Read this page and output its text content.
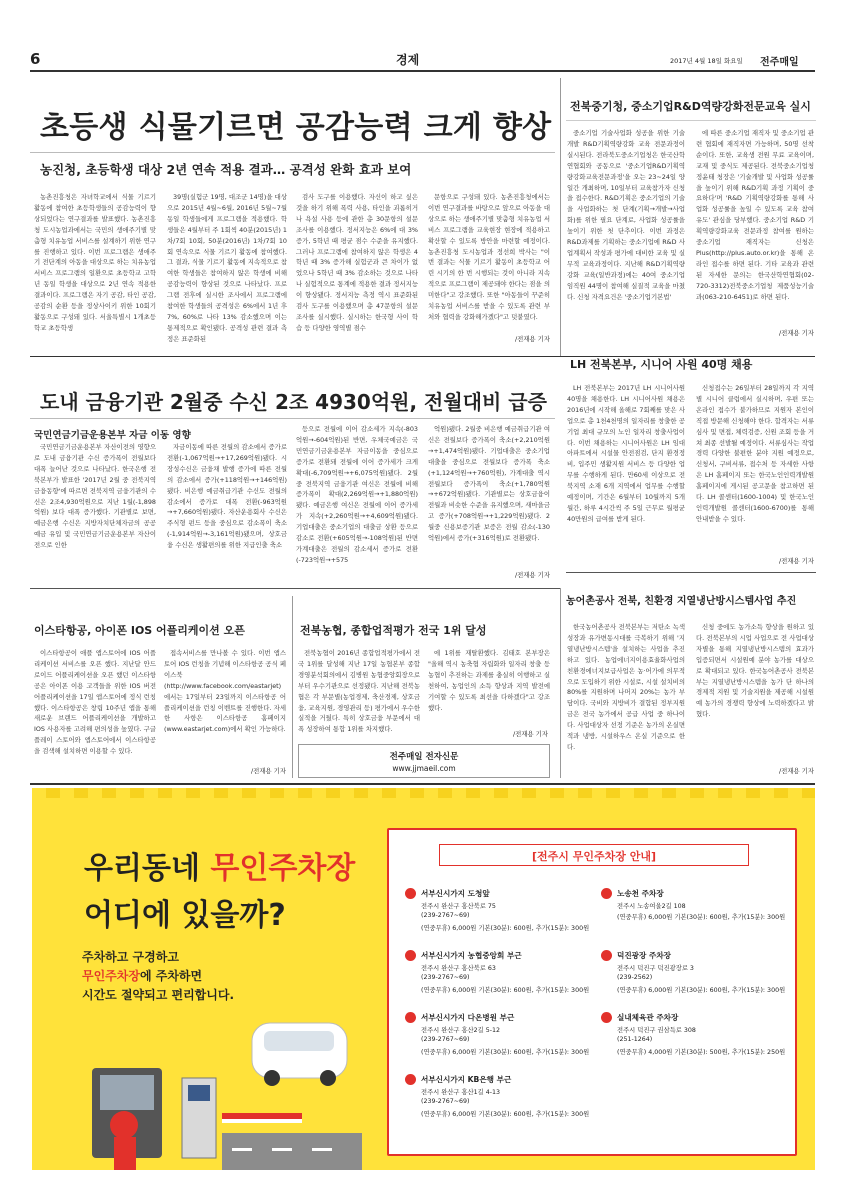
6	경제	2017년 4월 18일 화요일 전주매일
초등생 식물기르면 공감능력 크게 향상
농진청, 초등학생 대상 2년 연속 적용 결과… 공격성 완화 효과 보여

농촌진흥청은 자녀학교에서 식물 기르기 활동에 참여한 초등학생들의 공감능력이 향상되었다는 연구결과를 발표했다. 농촌진흥청 도시농업과에서는 국민의 생애주기별 맞춤형 치유농업 서비스를 설계하기 위한 연구를 진행하고 있다. 이번 프로그램은 생애주기 전단계의 아동을 대상으로 하는 치유농업 서비스 프로그램의 일환으로 초등학교 고학년 동일 학생을 대상으로 2년 연속 적용한 결과이다. 프로그램은 자기 공감, 타인 공감, 공감의 순환 등을 정상사이키 위한 10회기 활동으로 구성돼 있다. 서울특별시 1개초등학교 초등학생

39명(실험군 19명, 대조군 14명)을 대상으로 2015년 4월~6월, 2016년 5월~7월 동일 학생들에게 프로그램을 적용했다. 학생들은 4월부터 주 1회씩 40분(2015년) 1차/7회 10회, 50분(2016년) 1차/7회 10회 연속으로 식물 기르기 활동에 참여했다. 그 결과, 식물 기르기 활동에 지속적으로 참여한 학생들은 참여하지 않은 학생에 비해 공감능력이 향상된 것으로 나타났다. 프로그램 전후에 실시한 조사에서 프로그램에 참여한 학생들의 공격성은 6%에서 1년 후 7%, 60%로 나타 13% 감소했으며 이는 통제적으로 확인됐다. 공격성 관련 결과 측정은 표준화된

검사 도구를 이용했다. 자신이 하고 싶은 것을 하기 위해 폭력 사용, 타인을 괴롭히거나 욕설 사용 등에 관한 총 30문항의 설문 조사를 이용했다. 정서지능은 6%에 대 3% 증가, 5학년 때 평균 점수 수준을 유지했다. 그러나 프로그램에 참여하지 않은 학생은 4학년 때 3% 증가해 실험군과 큰 차이가 없었으나 5학년 때 3% 감소하는 것으로 나타나 실험적으로 통계에 적용한 결과 정서지능이 향상됐다. 정서지능 측정 역시 표준화된 검사 도구를 이용했으며 총 47문항의 설문 조사를 실시했다. 실시하는 한국형 사이 학습 등 다양한 영역별 점수

문항으로 구성돼 있다. 농촌진흥청에서는 이번 연구결과를 바탕으로 앞으로 아동을 대상으로 하는 생애주기별 맞춤형 치유농업 서비스 프로그램을 교육현장 현장에 적용하고 확산할 수 있도록 방안을 마련할 예정이다. 농촌진흥청 도시농업과 정선희 박사는 "이번 결과는 식물 기르기 활동이 초등학교 어린 시기의 한 번 시행되는 것이 아니라 지속적으로 프로그램이 제공돼야 한다는 점을 의미한다"고 강조했다. 또한 "아동들이 꾸준히 치유농업 서비스를 받을 수 있도록 관련 부처와 협력을 강화해가겠다"고 덧붙였다.

/전재용 기자
전북중기청, 중소기업R&D역량강화전문교육 실시

중소기업 기술사업화 성공을 위한 기술개발 R&D기획역량강화 교육 전문과정이 실시된다. 전라북도중소기업청은 한국산학연협회와 공동으로 '중소기업R&D기획역량강화교육전문과정'을 오는 23~24일 양일간 개최하며, 10일부터 교육참가자 신청을 접수한다. R&D기획은 중소기업의 기술을 사업화하는 첫 단계(기획→개발→사업화)를 위한 필요 단계로, 사업화 성공률을 높이기 위한 첫 단추이다. 이번 과정은 R&D과제를 기획하는 중소기업에 R&D 사업계획서 작성과 평가에 대비한 교육 및 실무적 교육과정이다. 지난해 R&D기획역량강화 교육(일반과정)에는 40여 중소기업 임직원 44명이 참여해 실질적 교육을 마쳤다. 신청 자격요건은 '중소기업기본법'

에 따른 중소기업 재직자 및 중소기업 관련 협회에 재직자면 가능하며, 50명 선착순이다. 또한, 교육생 전원 무료 교육이며, 교재 및 중식도 제공된다. 전북중소기업청 정윤태 청장은 '기술개발 및 사업화 성공률을 높이기 위해 R&D기획 과정 기획이 중요하다'며 'R&D 기획역량강화를 통해 사업화 성공률을 높일 수 있도록 교육 참여 유도' 관심을 당부했다. 중소기업 R&D 기획역량강화교육 전문과정 참여를 원하는 중소기업 재직자는 신청은 Plus(http://plus.auto.or.kr)을 통해 온라인 접수를 하면 된다. 기타 교육과 관련된 자세한 문의는 한국산학연협회(02-720-3312)전북중소기업청 제품성능기술과(063-210-6451)로 하면 된다.

/전재용 기자
LH 전북본부, 시니어 사원 40명 채용

LH 전북본부는 2017년 LH 시니어사원 40명을 채용한다. LH 시니어사원 채용은 2016년에 시작해 올해로 7회째를 맞은 사업으로 총 1천4천명의 일자리를 창출한 공기업 최대 규모의 노인 일자리 창출사업이다. 이번 채용하는 시니어사원은 LH 임대아파트에서 시설물 안전점검, 단지 환경정비, 입주민 생활지원 서비스 등 다양한 업무를 수행하게 된다. 만60세 이상으로 전북지역 소재 6개 지역에서 업무를 수행할 예정이며, 기간은 6월부터 10월까지 5개월간, 하루 4시간씩 주 5일 근무로 월평균 40만원의 급여를 받게 된다.

신청접수는 26일부터 28일까지 각 지역별 시니어 클럽에서 실시하며, 우편 또는 온라인 접수가 불가하므로 지원자 본인이 직접 방문해 신청해야 한다. 합격자는 서류심사 및 면접, 체력검증, 신원 조회 등을 거쳐 최종 선발될 예정이다. 서류심사는 작업경력 다양한 불편한 분야 지원 예정으로, 신청서, 구비서류, 접수처 등 자세한 사항은 LH 홈페이지 또는 한국노인인력개발원 홈페이지에 게시된 공고문을 참고하면 된다. LH 콜센터(1600-1004) 및 한국노인인력개발원 콜센터(1600-6700)를 통해 안내받을 수 있다.

/전재용 기자
도내 금융기관 2월중 수신 2조 4930억원, 전월대비 급증
국민연금기금운용본부 자금 이동 영향

국민연금기금운용본부 자산이전의 영향으로 도내 금융기관 수신 증가폭이 전월보다 대폭 늘어난 것으로 나타났다. 한국은행 전북본부가 발표한 '2017년 2월 중 전북지역 금융동향'에 따르면 전북지역 금융기관의 수신은 2조4,930억원으로 지난 1월(-1,898억원) 보다 대폭 증가했다. 기관별로 보면, 예금은행 수신은 지방자치단체자금의 공공예금 유입 및 국민연금기금운용본부 자산이전으로 인한

자금이동에 따른 전월의 감소에서 증가로 전환(-1,067억원→+17,269억원)됐다. 시장성수신은 금융채 발행 증가에 따른 전월의 감소에서 증가(+118억원→+146억원)됐다. 비은행 예금취급기관 수신도 전월의 감소에서 증가로 대폭 전환(-963억원→+7,660억원)됐다. 자산운용회사 수신은 주식형 펀드 등을 중심으로 감소폭이 축소(-1,914억원→-3,161억원)됐으며, 상호금융 수신은 생활편의를 위한 지급인출 축소

등으로 전월에 이어 감소세가 지속(-803억원→-604억원)된 반면, 우체국예금은 국민연금기금운용본부 자금이동을 중심으로 증가로 전환돼 전월에 이어 증가세가 크게 확대(-6,709억원→+6,075억원)됐다. 2월중 전북지역 금융기관 여신은 전월에 비해 증가폭이 확대(2,269억원→+1,880억원)됐다. 예금은행 여신은 전월에 이어 증가세가 지속(+2,260억원→+4,609억원)됐다. 기업대출은 중소기업의 대출금 상환 등으로 감소로 전환(+605억원→-108억원)된 반면 가계대출은 전월의 감소세서 증가로 전환(-723억원→+575

억원)됐다. 2월중 비은행 예금취급기관 여신은 전월보다 증가폭이 축소(+2,210억원→+1,474억원)됐다. 기업대출은 중소기업대출을 중심으로 전월보다 증가폭 축소(+1,124억원→+760억원), 가계대출 역시 전월보다 증가폭이 축소(+1,780억원→+672억원)됐다. 기관별로는 상호금융이 전월과 비슷한 수준을 유지했으며, 새마을금고 증가(+708억원→+1,229억원)됐다. 2월중 신용보증기관 보증은 전월 감소(-130억원)에서 증가(+316억원)로 전환됐다.

/전재용 기자
농어촌공사 전북, 친환경 지열냉난방시스템사업 추진

한국농어촌공사 전북본부는 저탄소 녹색성장과 유가변동시대를 극복하기 위해 '지열냉난방시스템'을 설치하는 사업을 추진하고 있다. 농업에너지이용효율화사업의 친환경에너지보급사업은 농·어가에 의무적으로 도입하기 위한 시설로, 시설 설치비의 80%를 지원하며 나머지 20%는 농가 부담이다. 국비와 지방비가 결합된 정부지원금은 전국 농가에서 공급 사업 중 하나이다. 사업대상자 선정 기준은 농가의 온실면적과 냉방, 시설하우스 온실 기준으로 한다.

신청 중에도 농가소득 향상을 원하고 있다. 전북본부의 시업 사업으로 전 사업대상자별을 통해 지열냉난방시스템의 효과가 입증되면서 시설원예 분야 농가를 대상으로 확대되고 있다. 한국농어촌공사 전북본부는 지열냉난방시스템을 농가 단 하나의 경제적 지원 및 기술지원을 제공해 시설원예 농가의 경쟁력 향상에 노력하겠다고 밝혔다.

/전재용 기자
이스타항공, 아이폰 IOS 어플리케이션 오픈

이스타항공이 애플 앱스토어에 IOS 어플리케이션 서비스를 오픈 했다. 지난달 안드로이드 어플리케이션을 오픈 했던 이스타항공은 아이폰 이용 고객들을 위한 IOS 버전 어플리케이션을 17일 앱스토어에 정식 런칭 했다. 이스타항공은 창립 10주년 앱을 통해 새로운 브랜드 어플리케이션을 개발하고 IOS 사용자를 고려해 편의성을 높였다. 구글플레이 스토어와 앱스토어에서 이스타항공을 검색해 설치하면 이용할 수 있다.

접속서비스를 만나볼 수 있다. 이번 앱스토어 IOS 런칭을 기념해 이스타항공 공식 페이스북(http://www.facebook.com/eastarjet) 에서는 17일부터 23일까지 이스타항공 어플리케이션을 런칭 이벤트를 진행한다. 자세한 사항은 이스타항공 홈페이지(www.eastarjet.com)에서 확인 가능하다.

/전재용 기자
전북농협, 종합업적평가 전국 1위 달성

전북농협이 2016년 종합업적평가에서 전국 1위를 달성해 지난 17일 농협본부 종합경영분석회의에서 김병원 농협중앙회장으로부터 우수기관으로 선정됐다. 지난해 전북농협은 각 부문별(농업경제, 축산경제, 상호금융, 교육지원, 경영관리 등) 평가에서 우수한 실적을 거뒀다. 특히 상호금융 부문에서 대폭 성장하여 통합 1위를 차지했다.

에 1위를 재탈환했다. 김태호 본부장은 "올해 역시 농축협 자립화와 일자리 창출 등 농협이 추진하는 과제를 충실히 이행하고 실천하여, 농업인의 소득 향상과 지역 발전에 기여할 수 있도록 최선을 다하겠다"고 강조했다.

/전재용 기자
전주매일 전자신문
www.jjmaeil.com
우리동네 무인주차장
어디에 있을까?
주차하고 구경하고
무인주차장에 주차하면
시간도 절약되고 편리합니다.
[전주시 무인주차장 안내]
서부신시가지 도청앞
전주시 완산구 홍산북로 75
(239-2767~69)
(연중무휴) 6,000원 기본(30분): 600원, 추가(15분): 300원
서부신시가지 농협중앙회 부근
전주시 완산구 홍산북로 63
(239-2767~69)
(연중무휴) 6,000원 기본(30분): 600원, 추가(15분): 300원
서부신시가지 다온병원 부근
전주시 완산구 홍산2길 5-12
(239-2767~69)
(연중무휴) 6,000원 기본(30분): 600원, 추가(15분): 300원
서부신시가지 KB은행 부근
전주시 완산구 홍산1길 4-13
(239-2767~69)
(연중무휴) 6,000원 기본(30분): 600원, 추가(15분): 300원
노송천 주차장
전주시 노송여울2길 108
(연중무휴) 6,000원 기본(30분): 600원, 추가(15분): 300원
덕진광장 주차장
전주시 덕진구 덕진광장로 3
(239-2562)
(연중무휴) 6,000원 기본(30분): 600원, 추가(15분): 300원
실내체육관 주차장
전주시 덕진구 권삼득로 308
(251-1264)
(연중무휴) 4,000원 기본(30분): 500원, 추가(15분): 250원
